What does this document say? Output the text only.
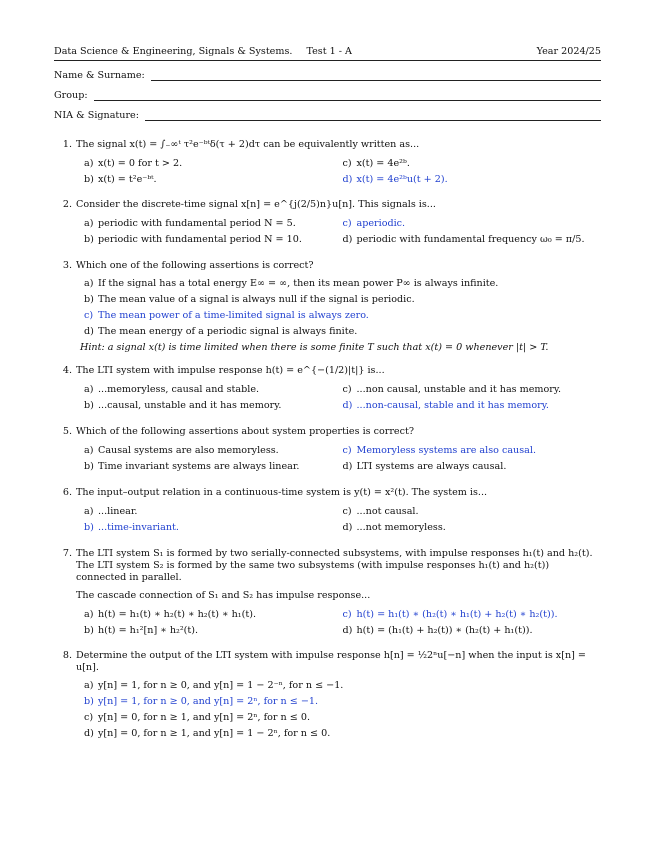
Data Science & Engineering, Signals & Systems. Test 1 - A	Year 2024/25
Name & Surname:
Group:
NIA & Signature:
1. The signal x(t) = ∫₋∞ᵗ τ²e⁻ᵇᵗδ(τ + 2)dτ can be equivalently written as...
a) x(t) = 0 for t > 2.	c) x(t) = 4e²ᵇ.
b) x(t) = t²e⁻ᵇᵗ.	d) x(t) = 4e²ᵇu(t + 2).
2. Consider the discrete-time signal x[n] = e^{j(2/5)n}u[n]. This signals is...
a) periodic with fundamental period N = 5.	c) aperiodic.
b) periodic with fundamental period N = 10.	d) periodic with fundamental frequency ω₀ = π/5.
3. Which one of the following assertions is correct?
a) If the signal has a total energy E∞ = ∞, then its mean power P∞ is always infinite.
b) The mean value of a signal is always null if the signal is periodic.
c) The mean power of a time-limited signal is always zero.
d) The mean energy of a periodic signal is always finite.
Hint: a signal x(t) is time limited when there is some finite T such that x(t) = 0 whenever |t| > T.
4. The LTI system with impulse response h(t) = e^{−(1/2)|t|} is...
a) ...memoryless, causal and stable.	c) ...non causal, unstable and it has memory.
b) ...causal, unstable and it has memory.	d) ...non-causal, stable and it has memory.
5. Which of the following assertions about system properties is correct?
a) Causal systems are also memoryless.	c) Memoryless systems are also causal.
b) Time invariant systems are always linear.	d) LTI systems are always causal.
6. The input–output relation in a continuous-time system is y(t) = x²(t). The system is...
a) ...linear.	c) ...not causal.
b) ...time-invariant.	d) ...not memoryless.
7. The LTI system S₁ is formed by two serially-connected subsystems, with impulse responses h₁(t) and h₂(t). The LTI system S₂ is formed by the same two subsystems (with impulse responses h₁(t) and h₂(t)) connected in parallel.
The cascade connection of S₁ and S₂ has impulse response...
a) h(t) = h₁(t) ∗ h₂(t) ∗ h₂(t) ∗ h₁(t).	c) h(t) = h₁(t) ∗ (h₂(t) ∗ h₁(t) + h₂(t) ∗ h₂(t)).
b) h(t) = h₁²[n] ∗ h₂²(t).	d) h(t) = (h₁(t) + h₂(t)) ∗ (h₂(t) + h₁(t)).
8. Determine the output of the LTI system with impulse response h[n] = ½2ⁿu[−n] when the input is x[n] = u[n].
a) y[n] = 1, for n ≥ 0, and y[n] = 1 − 2⁻ⁿ, for n ≤ −1.
b) y[n] = 1, for n ≥ 0, and y[n] = 2ⁿ, for n ≤ −1.
c) y[n] = 0, for n ≥ 1, and y[n] = 2ⁿ, for n ≤ 0.
d) y[n] = 0, for n ≥ 1, and y[n] = 1 − 2ⁿ, for n ≤ 0.
